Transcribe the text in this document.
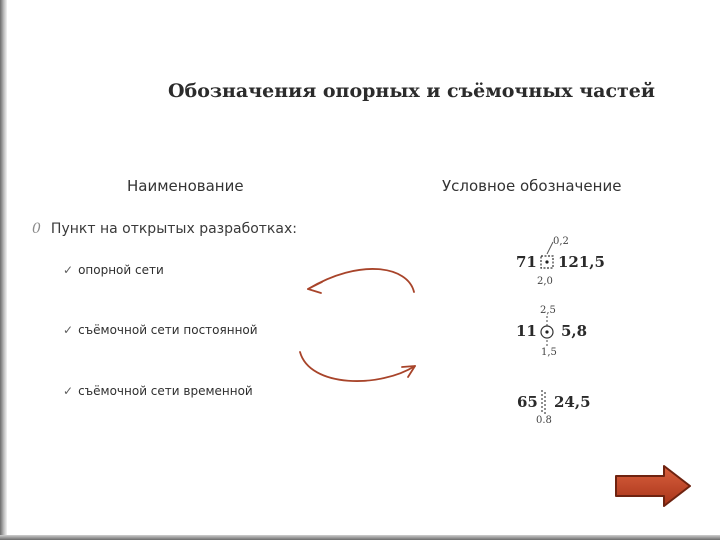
Обозначения опорных и съёмочных частей
Наименование	Условное обозначение
0 Пункт на открытых разработках:
✓ опорной сети
✓ съёмочной сети постоянной
✓ съёмочной сети временной
0,2
71 121,5
2,0
2,5
11 5,8
1,5
65 24,5
0.8
